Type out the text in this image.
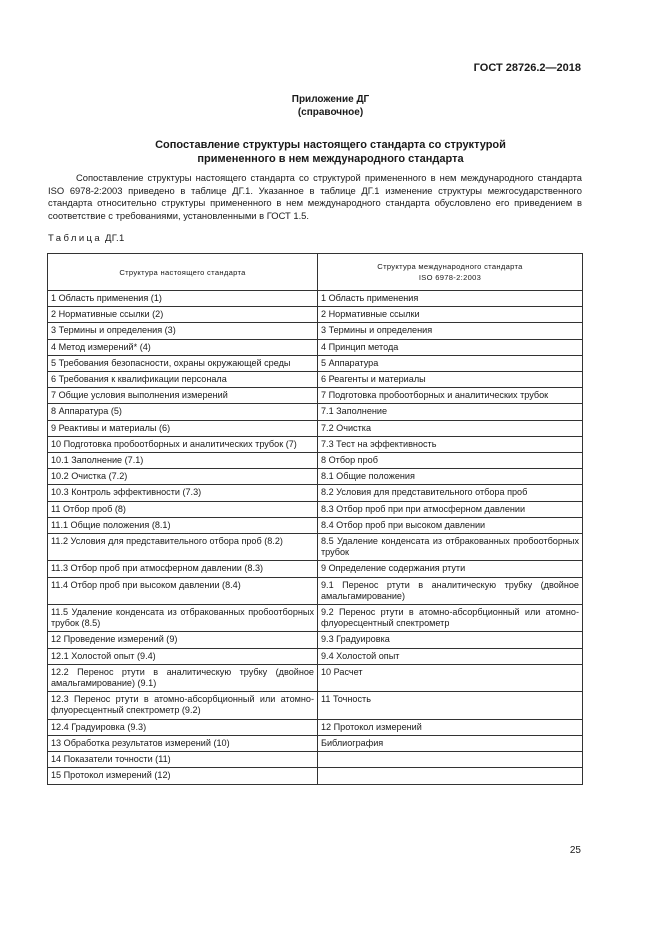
ГОСТ 28726.2—2018
Приложение ДГ
(справочное)
Сопоставление структуры настоящего стандарта со структурой
примененного в нем международного стандарта

Сопоставление структуры настоящего стандарта со структурой примененного в нем международного стандарта ISO 6978-2:2003 приведено в таблице ДГ.1. Указанное в таблице ДГ.1 изменение структуры межгосударственного стандарта относительно структуры примененного в нем международного стандарта обусловлено его приведением в соответствие с требованиями, установленными в ГОСТ 1.5.

Таблица ДГ.1
Структура настоящего стандарта	Структура международного стандарта
ISO 6978-2:2003

1 Область применения (1)	1 Область применения
2 Нормативные ссылки (2)	2 Нормативные ссылки
3 Термины и определения (3)	3 Термины и определения
4 Метод измерений* (4)	4 Принцип метода
5 Требования безопасности, охраны окружающей среды	5 Аппаратура
6 Требования к квалификации персонала	6 Реагенты и материалы
7 Общие условия выполнения измерений	7 Подготовка пробоотборных и аналитических трубок
8 Аппаратура (5)	7.1 Заполнение
9 Реактивы и материалы (6)	7.2 Очистка
10 Подготовка пробоотборных и аналитических трубок (7)	7.3 Тест на эффективность
10.1 Заполнение (7.1)	8 Отбор проб
10.2 Очистка (7.2)	8.1 Общие положения
10.3 Контроль эффективности (7.3)	8.2 Условия для представительного отбора проб
11 Отбор проб (8)	8.3 Отбор проб при при атмосферном давлении
11.1 Общие положения (8.1)	8.4 Отбор проб при высоком давлении
11.2 Условия для представительного отбора проб (8.2)	8.5 Удаление конденсата из отбракованных пробоотборных трубок
11.3 Отбор проб при атмосферном давлении (8.3)	9 Определение содержания ртути
11.4 Отбор проб при высоком давлении (8.4)	9.1 Перенос ртути в аналитическую трубку (двойное амальгамирование)
11.5 Удаление конденсата из отбракованных пробоотборных трубок (8.5)	9.2 Перенос ртути в атомно-абсорбционный или атомно-флуоресцентный спектрометр
12 Проведение измерений (9)	9.3 Градуировка
12.1 Холостой опыт (9.4)	9.4 Холостой опыт
12.2 Перенос ртути в аналитическую трубку (двойное амальгамирование) (9.1)	10 Расчет
12.3 Перенос ртути в атомно-абсорбционный или атомно-флуоресцентный спектрометр (9.2)	11 Точность
12.4 Градуировка (9.3)	12 Протокол измерений
13 Обработка результатов измерений (10)	Библиография
14 Показатели точности (11)	
15 Протокол измерений (12)	
25
